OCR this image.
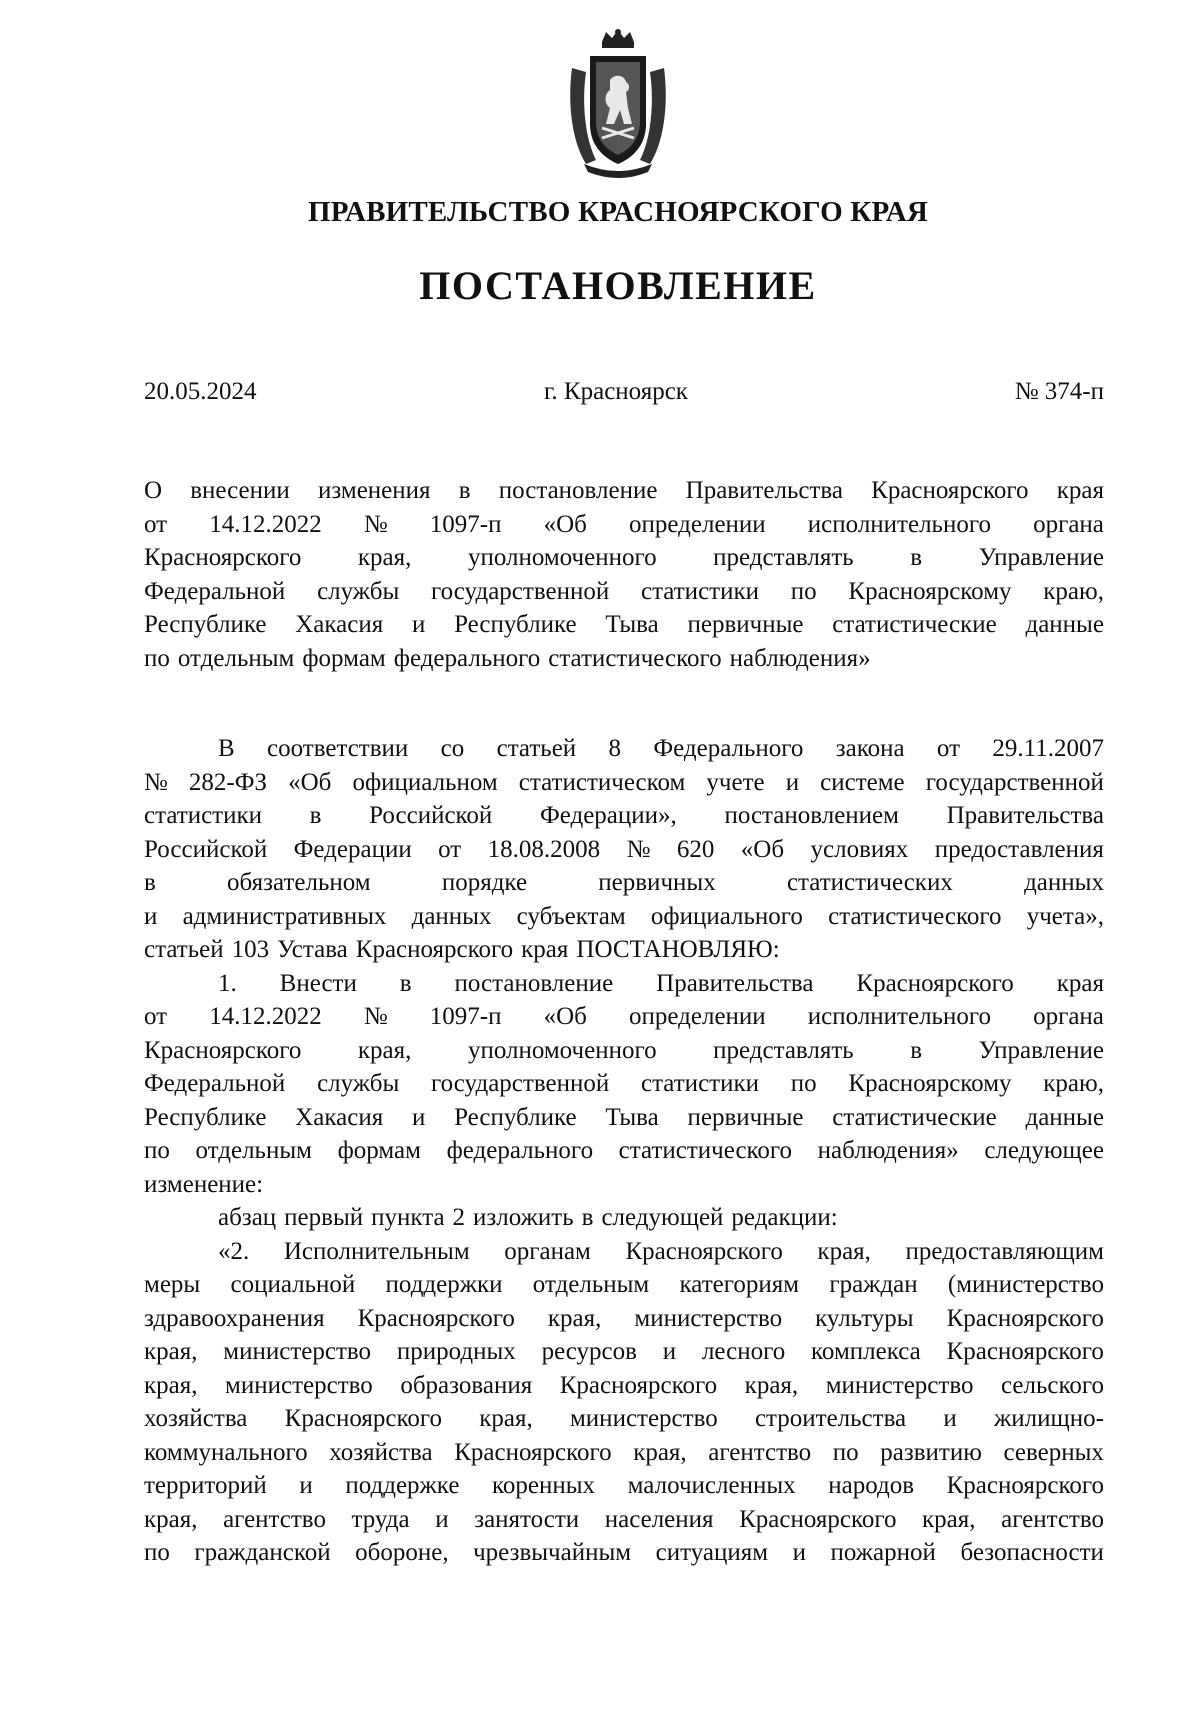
ПРАВИТЕЛЬСТВО КРАСНОЯРСКОГО КРАЯ
ПОСТАНОВЛЕНИЕ
20.05.2024	г. Красноярск	№ 374-п
О внесении изменения в постановление Правительства Красноярского края
от 14.12.2022 № 1097-п «Об определении исполнительного органа
Красноярского края, уполномоченного представлять в Управление
Федеральной службы государственной статистики по Красноярскому краю,
Республике Хакасия и Республике Тыва первичные статистические данные
по отдельным формам федерального статистического наблюдения»
В соответствии со статьей 8 Федерального закона от 29.11.2007
№ 282-ФЗ «Об официальном статистическом учете и системе государственной
статистики в Российской Федерации», постановлением Правительства
Российской Федерации от 18.08.2008 № 620 «Об условиях предоставления
в	обязательном	порядке	первичных	статистических	данных
и административных данных субъектам официального статистического учета»,
статьей 103 Устава Красноярского края ПОСТАНОВЛЯЮ:
1. Внести в постановление Правительства Красноярского края
от 14.12.2022 № 1097-п «Об определении исполнительного органа
Красноярского края, уполномоченного представлять в Управление
Федеральной службы государственной статистики по Красноярскому краю,
Республике Хакасия и Республике Тыва первичные статистические данные
по отдельным формам федерального статистического наблюдения» следующее
изменение:
абзац первый пункта 2 изложить в следующей редакции:
«2. Исполнительным органам Красноярского края, предоставляющим
меры социальной поддержки отдельным категориям граждан (министерство
здравоохранения Красноярского края, министерство культуры Красноярского
края, министерство природных ресурсов и лесного комплекса Красноярского
края, министерство образования Красноярского края, министерство сельского
хозяйства Красноярского края, министерство строительства и жилищно-
коммунального хозяйства Красноярского края, агентство по развитию северных
территорий и поддержке коренных малочисленных народов Красноярского
края, агентство труда и занятости населения Красноярского края, агентство
по гражданской обороне, чрезвычайным ситуациям и пожарной безопасности
